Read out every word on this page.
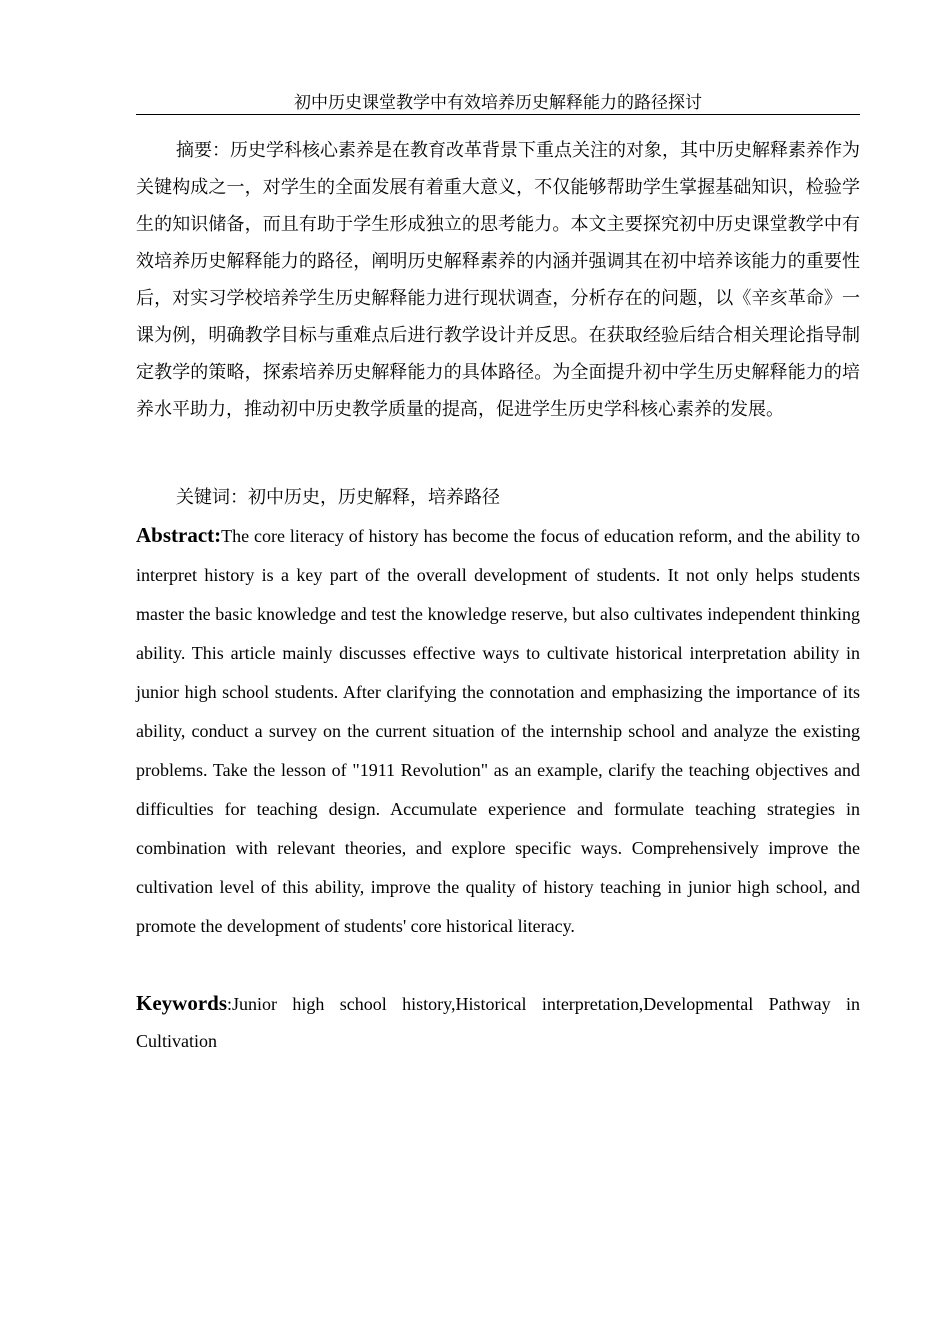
初中历史课堂教学中有效培养历史解释能力的路径探讨

摘要：历史学科核心素养是在教育改革背景下重点关注的对象，其中历史解释素养作为关键构成之一，对学生的全面发展有着重大意义，不仅能够帮助学生掌握基础知识，检验学生的知识储备，而且有助于学生形成独立的思考能力。本文主要探究初中历史课堂教学中有效培养历史解释能力的路径，阐明历史解释素养的内涵并强调其在初中培养该能力的重要性后，对实习学校培养学生历史解释能力进行现状调查，分析存在的问题，以《辛亥革命》一课为例，明确教学目标与重难点后进行教学设计并反思。在获取经验后结合相关理论指导制定教学的策略，探索培养历史解释能力的具体路径。为全面提升初中学生历史解释能力的培养水平助力，推动初中历史教学质量的提高，促进学生历史学科核心素养的发展。

关键词：初中历史，历史解释，培养路径

Abstract:The core literacy of history has become the focus of education reform, and the ability to interpret history is a key part of the overall development of students. It not only helps students master the basic knowledge and test the knowledge reserve, but also cultivates independent thinking ability. This article mainly discusses effective ways to cultivate historical interpretation ability in junior high school students. After clarifying the connotation and emphasizing the importance of its ability, conduct a survey on the current situation of the internship school and analyze the existing problems. Take the lesson of "1911 Revolution" as an example, clarify the teaching objectives and difficulties for teaching design. Accumulate experience and formulate teaching strategies in combination with relevant theories, and explore specific ways. Comprehensively improve the cultivation level of this ability, improve the quality of history teaching in junior high school, and promote the development of students' core historical literacy.

Keywords:Junior high school history,Historical interpretation,Developmental Pathway in Cultivation
